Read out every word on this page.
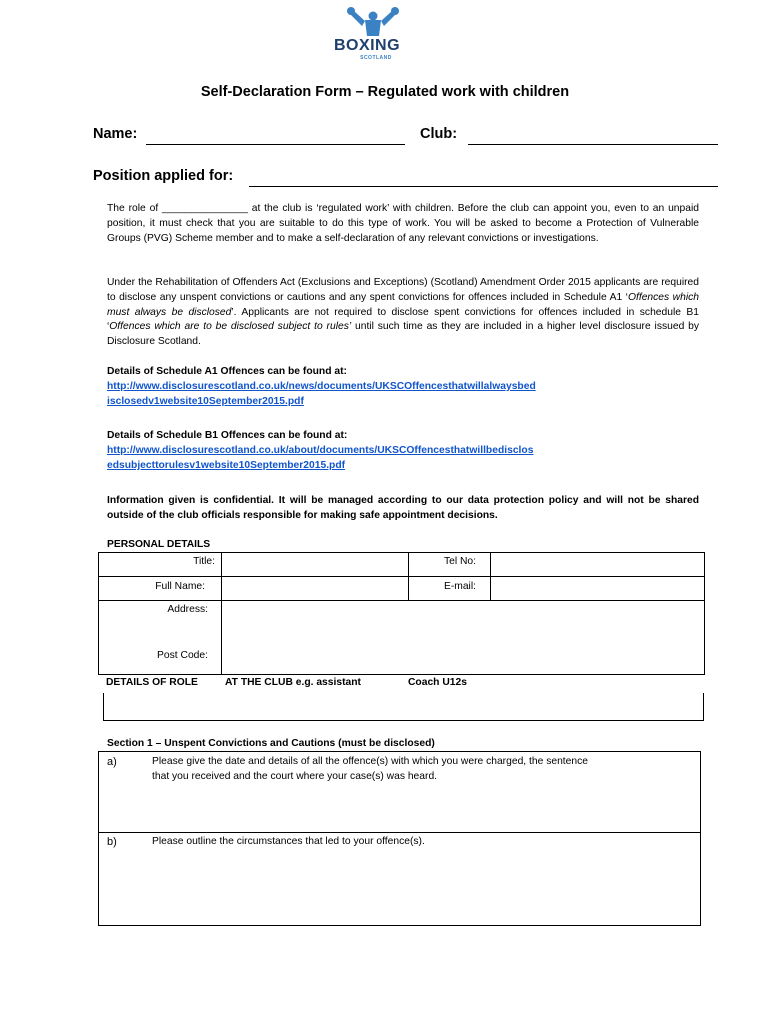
BOXING
SCOTLAND
Self-Declaration Form – Regulated work with children
Name:	Club:
Position applied for:
The role of _______________ at the club is ‘regulated work’ with children. Before the club can appoint you, even to an unpaid position, it must check that you are suitable to do this type of work. You will be asked to become a Protection of Vulnerable Groups (PVG) Scheme member and to make a self-declaration of any relevant convictions or investigations.
Under the Rehabilitation of Offenders Act (Exclusions and Exceptions) (Scotland) Amendment Order 2015 applicants are required to disclose any unspent convictions or cautions and any spent convictions for offences included in Schedule A1 ‘Offences which must always be disclosed’. Applicants are not required to disclose spent convictions for offences included in schedule B1 ‘Offences which are to be disclosed subject to rules’ until such time as they are included in a higher level disclosure issued by Disclosure Scotland.
Details of Schedule A1 Offences can be found at:
http://www.disclosurescotland.co.uk/news/documents/UKSCOffencesthatwillalwaysbed
isclosedv1website10September2015.pdf
Details of Schedule B1 Offences can be found at:
http://www.disclosurescotland.co.uk/about/documents/UKSCOffencesthatwillbedisclos
edsubjecttorulesv1website10September2015.pdf
Information given is confidential. It will be managed according to our data protection policy and will not be shared outside of the club officials responsible for making safe appointment decisions.
PERSONAL DETAILS
Title:	Tel No:
Full Name:	E-mail:
Address:
Post Code:
DETAILS OF ROLE	AT THE CLUB e.g. assistant	Coach U12s
Section 1 – Unspent Convictions and Cautions (must be disclosed)
a)	Please give the date and details of all the offence(s) with which you were charged, the sentence
that you received and the court where your case(s) was heard.
b)	Please outline the circumstances that led to your offence(s).
